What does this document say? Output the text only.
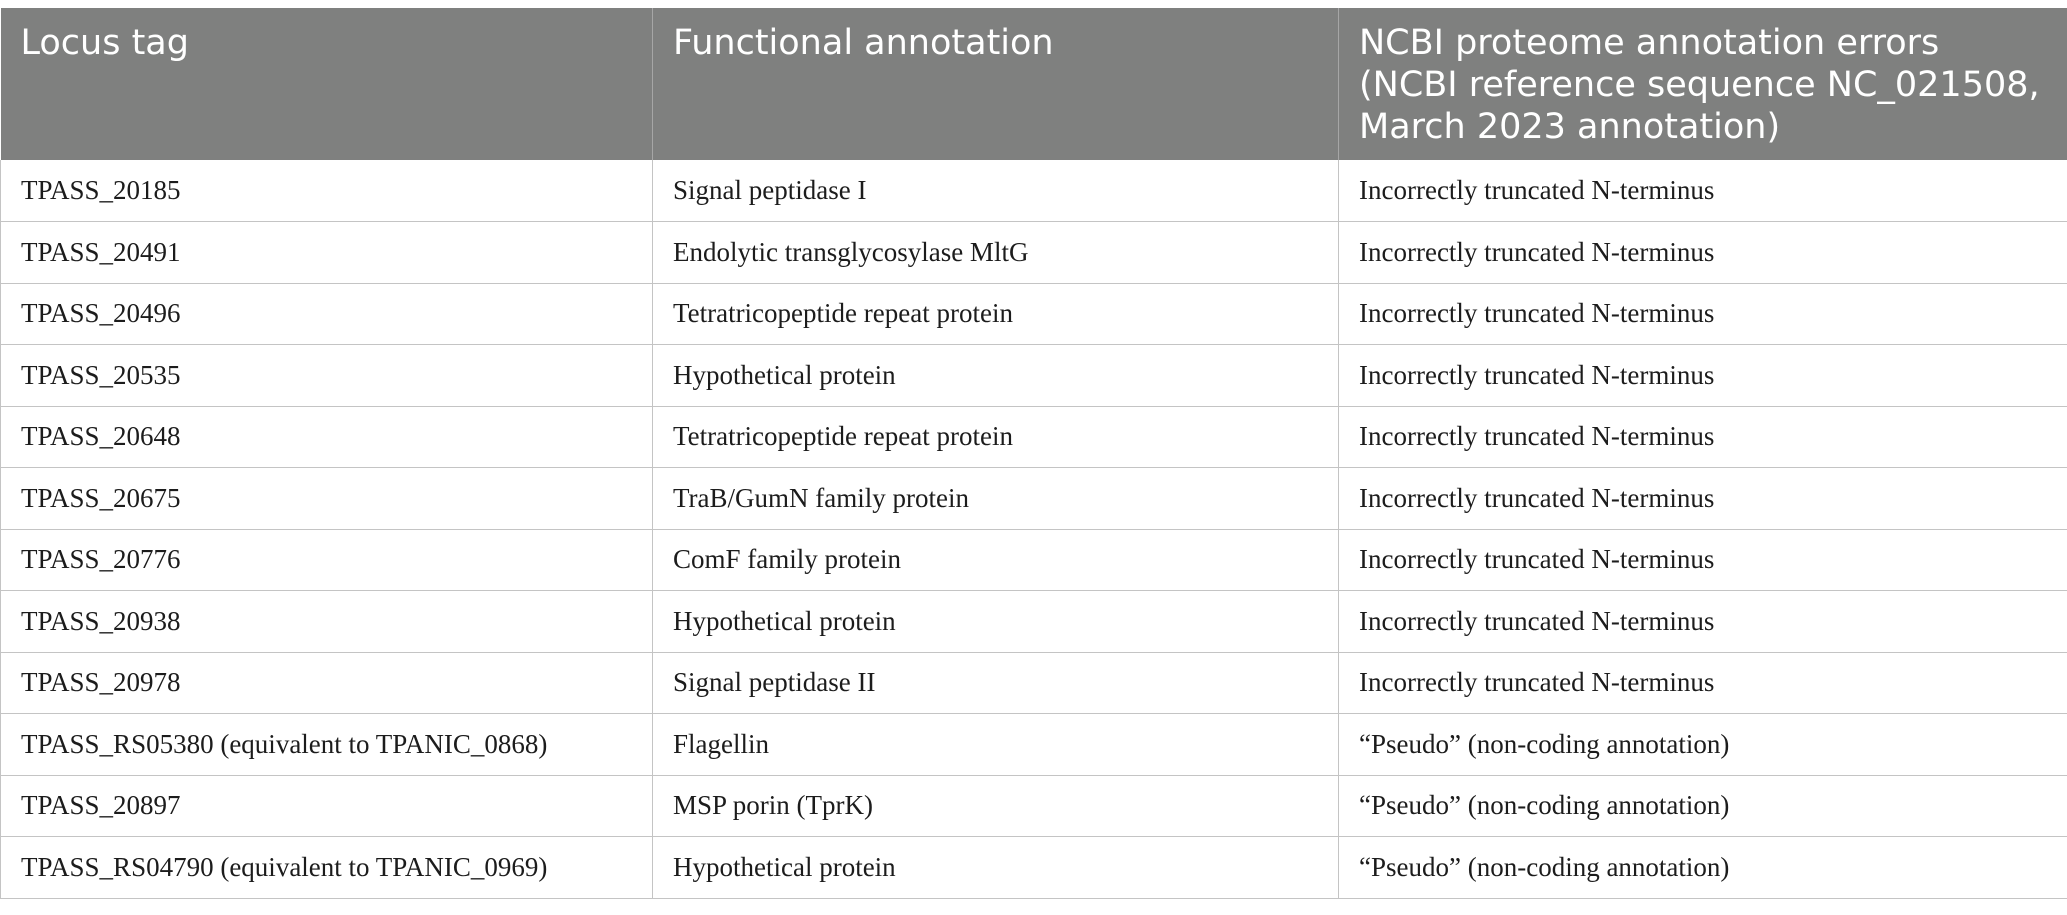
Locus tag	Functional annotation	NCBI proteome annotation errors (NCBI reference sequence NC_021508, March 2023 annotation)
TPASS_20185	Signal peptidase I	Incorrectly truncated N-terminus
TPASS_20491	Endolytic transglycosylase MltG	Incorrectly truncated N-terminus
TPASS_20496	Tetratricopeptide repeat protein	Incorrectly truncated N-terminus
TPASS_20535	Hypothetical protein	Incorrectly truncated N-terminus
TPASS_20648	Tetratricopeptide repeat protein	Incorrectly truncated N-terminus
TPASS_20675	TraB/GumN family protein	Incorrectly truncated N-terminus
TPASS_20776	ComF family protein	Incorrectly truncated N-terminus
TPASS_20938	Hypothetical protein	Incorrectly truncated N-terminus
TPASS_20978	Signal peptidase II	Incorrectly truncated N-terminus
TPASS_RS05380 (equivalent to TPANIC_0868)	Flagellin	“Pseudo” (non-coding annotation)
TPASS_20897	MSP porin (TprK)	“Pseudo” (non-coding annotation)
TPASS_RS04790 (equivalent to TPANIC_0969)	Hypothetical protein	“Pseudo” (non-coding annotation)
